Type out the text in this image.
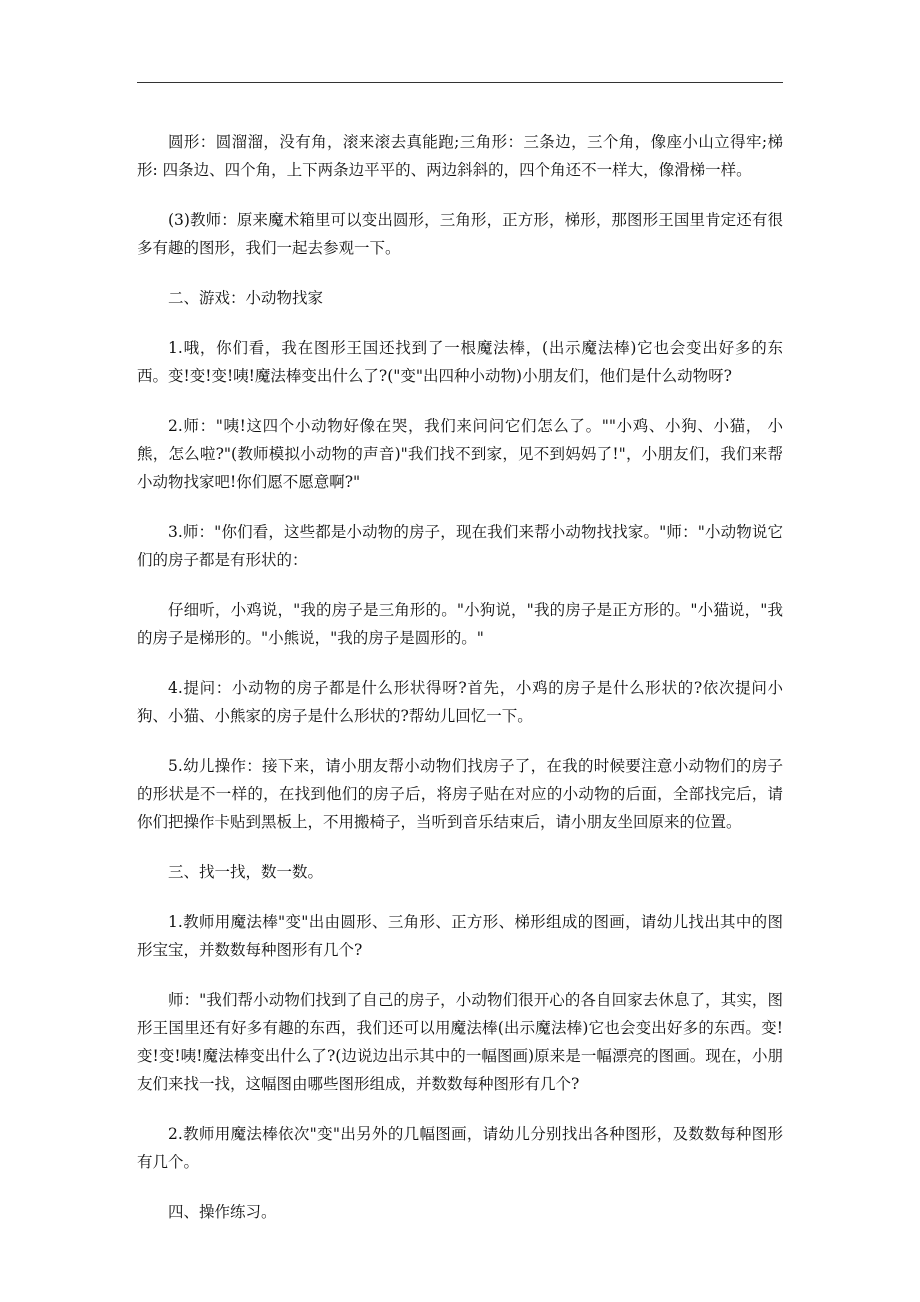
圆形：圆溜溜，没有角，滚来滚去真能跑;三角形：三条边，三个角，像座小山立得牢;梯形: 四条边、四个角，上下两条边平平的、两边斜斜的，四个角还不一样大，像滑梯一样。

(3)教师：原来魔术箱里可以变出圆形，三角形，正方形，梯形，那图形王国里肯定还有很多有趣的图形，我们一起去参观一下。

二、游戏：小动物找家

1.哦，你们看，我在图形王国还找到了一根魔法棒，(出示魔法棒)它也会变出好多的东西。变!变!变!咦!魔法棒变出什么了?("变"出四种小动物)小朋友们，他们是什么动物呀?

2.师："咦!这四个小动物好像在哭，我们来问问它们怎么了。""小鸡、小狗、小猫， 小熊，怎么啦?"(教师模拟小动物的声音)"我们找不到家，见不到妈妈了!"，小朋友们，我们来帮小动物找家吧!你们愿不愿意啊?"

3.师："你们看，这些都是小动物的房子，现在我们来帮小动物找找家。"师："小动物说它们的房子都是有形状的：

仔细听，小鸡说，"我的房子是三角形的。"小狗说，"我的房子是正方形的。"小猫说，"我的房子是梯形的。"小熊说，"我的房子是圆形的。"

4.提问：小动物的房子都是什么形状得呀?首先，小鸡的房子是什么形状的?依次提问小狗、小猫、小熊家的房子是什么形状的?帮幼儿回忆一下。

5.幼儿操作：接下来，请小朋友帮小动物们找房子了，在我的时候要注意小动物们的房子的形状是不一样的，在找到他们的房子后，将房子贴在对应的小动物的后面，全部找完后，请你们把操作卡贴到黑板上，不用搬椅子，当听到音乐结束后，请小朋友坐回原来的位置。

三、找一找，数一数。

1.教师用魔法棒"变"出由圆形、三角形、正方形、梯形组成的图画，请幼儿找出其中的图形宝宝，并数数每种图形有几个?

师："我们帮小动物们找到了自己的房子，小动物们很开心的各自回家去休息了，其实，图形王国里还有好多有趣的东西，我们还可以用魔法棒(出示魔法棒)它也会变出好多的东西。变!变!变!咦!魔法棒变出什么了?(边说边出示其中的一幅图画)原来是一幅漂亮的图画。现在，小朋友们来找一找，这幅图由哪些图形组成，并数数每种图形有几个?

2.教师用魔法棒依次"变"出另外的几幅图画，请幼儿分别找出各种图形，及数数每种图形有几个。

四、操作练习。
